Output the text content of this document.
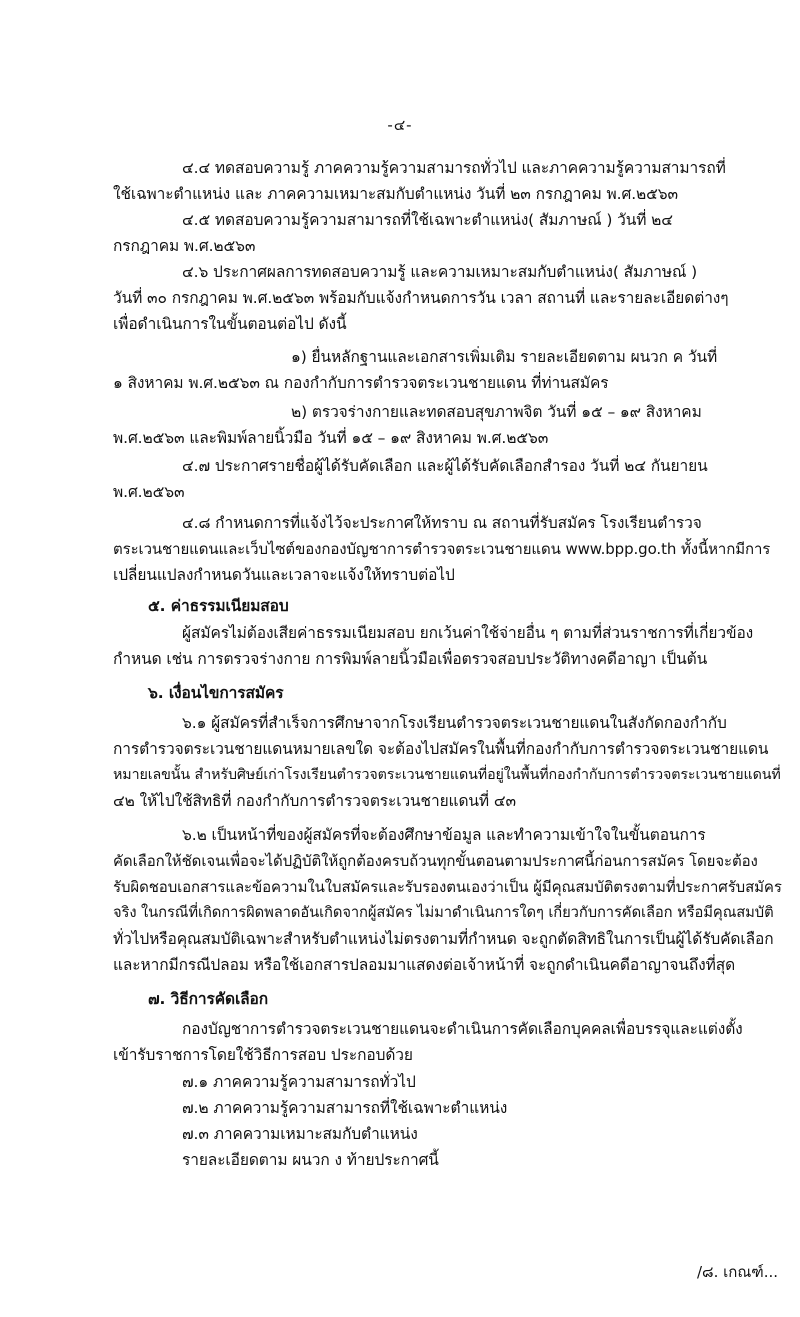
-๔-
๔.๔ ทดสอบความรู้ ภาคความรู้ความสามารถทั่วไป และภาคความรู้ความสามารถที่
ใช้เฉพาะตำแหน่ง และ ภาคความเหมาะสมกับตำแหน่ง วันที่ ๒๓ กรกฎาคม พ.ศ.๒๕๖๓
๔.๕ ทดสอบความรู้ความสามารถที่ใช้เฉพาะตำแหน่ง( สัมภาษณ์ ) วันที่ ๒๔
กรกฎาคม พ.ศ.๒๕๖๓
๔.๖ ประกาศผลการทดสอบความรู้ และความเหมาะสมกับตำแหน่ง( สัมภาษณ์ )
วันที่ ๓๐ กรกฎาคม พ.ศ.๒๕๖๓ พร้อมกับแจ้งกำหนดการวัน เวลา สถานที่ และรายละเอียดต่างๆ
เพื่อดำเนินการในขั้นตอนต่อไป ดังนี้
๑) ยื่นหลักฐานและเอกสารเพิ่มเติม รายละเอียดตาม ผนวก ค วันที่
๑ สิงหาคม พ.ศ.๒๕๖๓ ณ กองกำกับการตำรวจตระเวนชายแดน ที่ท่านสมัคร
๒) ตรวจร่างกายและทดสอบสุขภาพจิต วันที่ ๑๕ – ๑๙ สิงหาคม
พ.ศ.๒๕๖๓ และพิมพ์ลายนิ้วมือ วันที่ ๑๕ – ๑๙ สิงหาคม พ.ศ.๒๕๖๓
๔.๗ ประกาศรายชื่อผู้ได้รับคัดเลือก และผู้ได้รับคัดเลือกสำรอง วันที่ ๒๔ กันยายน
พ.ศ.๒๕๖๓
๔.๘ กำหนดการที่แจ้งไว้จะประกาศให้ทราบ ณ สถานที่รับสมัคร โรงเรียนตำรวจ
ตระเวนชายแดนและเว็บไซต์ของกองบัญชาการตำรวจตระเวนชายแดน www.bpp.go.th ทั้งนี้หากมีการ
เปลี่ยนแปลงกำหนดวันและเวลาจะแจ้งให้ทราบต่อไป
๕. ค่าธรรมเนียมสอบ
ผู้สมัครไม่ต้องเสียค่าธรรมเนียมสอบ ยกเว้นค่าใช้จ่ายอื่น ๆ ตามที่ส่วนราชการที่เกี่ยวข้อง
กำหนด เช่น การตรวจร่างกาย การพิมพ์ลายนิ้วมือเพื่อตรวจสอบประวัติทางคดีอาญา เป็นต้น
๖. เงื่อนไขการสมัคร
๖.๑ ผู้สมัครที่สำเร็จการศึกษาจากโรงเรียนตำรวจตระเวนชายแดนในสังกัดกองกำกับ
การตำรวจตระเวนชายแดนหมายเลขใด จะต้องไปสมัครในพื้นที่กองกำกับการตำรวจตระเวนชายแดน
หมายเลขนั้น สำหรับศิษย์เก่าโรงเรียนตำรวจตระเวนชายแดนที่อยู่ในพื้นที่กองกำกับการตำรวจตระเวนชายแดนที่
๔๒ ให้ไปใช้สิทธิที่ กองกำกับการตำรวจตระเวนชายแดนที่ ๔๓
๖.๒ เป็นหน้าที่ของผู้สมัครที่จะต้องศึกษาข้อมูล และทำความเข้าใจในขั้นตอนการ
คัดเลือกให้ชัดเจนเพื่อจะได้ปฏิบัติให้ถูกต้องครบถ้วนทุกขั้นตอนตามประกาศนี้ก่อนการสมัคร โดยจะต้อง
รับผิดชอบเอกสารและข้อความในใบสมัครและรับรองตนเองว่าเป็น ผู้มีคุณสมบัติตรงตามที่ประกาศรับสมัคร
จริง ในกรณีที่เกิดการผิดพลาดอันเกิดจากผู้สมัคร ไม่มาดำเนินการใดๆ เกี่ยวกับการคัดเลือก หรือมีคุณสมบัติ
ทั่วไปหรือคุณสมบัติเฉพาะสำหรับตำแหน่งไม่ตรงตามที่กำหนด จะถูกตัดสิทธิในการเป็นผู้ได้รับคัดเลือก
และหากมีกรณีปลอม หรือใช้เอกสารปลอมมาแสดงต่อเจ้าหน้าที่ จะถูกดำเนินคดีอาญาจนถึงที่สุด
๗. วิธีการคัดเลือก
กองบัญชาการตำรวจตระเวนชายแดนจะดำเนินการคัดเลือกบุคคลเพื่อบรรจุและแต่งตั้ง
เข้ารับราชการโดยใช้วิธีการสอบ ประกอบด้วย
๗.๑ ภาคความรู้ความสามารถทั่วไป
๗.๒ ภาคความรู้ความสามารถที่ใช้เฉพาะตำแหน่ง
๗.๓ ภาคความเหมาะสมกับตำแหน่ง
รายละเอียดตาม ผนวก ง ท้ายประกาศนี้
/๘. เกณฑ์...
